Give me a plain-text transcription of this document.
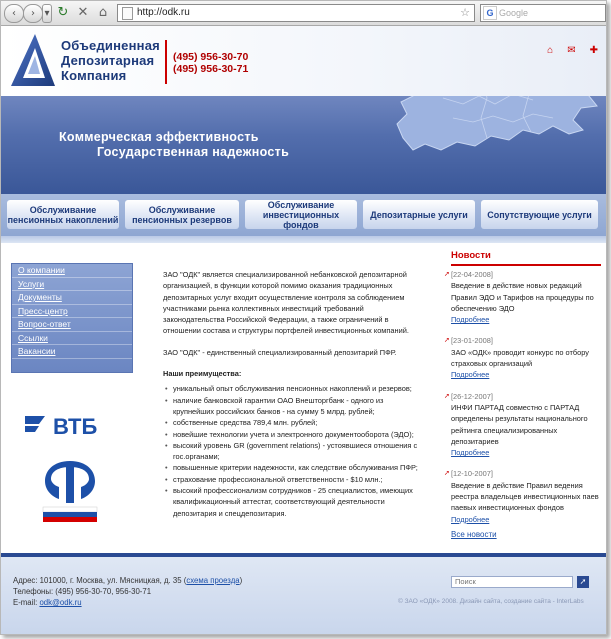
‹	› ▾ ↻ ✕ ⌂	http://odk.ru	☆	G Google
Объединенная
Депозитарная
Компания
(495) 956-30-70
(495) 956-30-71
⌂ ✉ ✚
Коммерческая эффективность
Государственная надежность
Обслуживание пенсионных накоплений
Обслуживание пенсионных резервов
Обслуживание инвестиционных фондов
Депозитарные услуги Сопутствующие услуги
О компании
Услуги
Документы
Пресс-центр
Вопрос-ответ
Ссылки
Вакансии
ВТБ

ЗАО "ОДК" является специализированной небанковской депозитарной организацией, в функции которой помимо оказания традиционных депозитарных услуг входит осуществление контроля за соблюдением участниками рынка коллективных инвестиций требований законодательства Российской Федерации, а также ограничений в отношении состава и структуры портфелей инвестиционных компаний.

ЗАО "ОДК" - единственный специализированный депозитарий ПФР.

Наши преимущества:
• уникальный опыт обслуживания пенсионных накоплений и резервов;
• наличие банковской гарантии ОАО Внешторгбанк - одного из крупнейших российских банков - на сумму 5 млрд. рублей;
• собственные средства 789,4 млн. рублей;
• новейшие технологии учета и электронного документооборота (ЭДО);
• высокий уровень GR (government relations) - устоявшиеся отношения с гос.органами;
• повышенные критерии надежности, как следствие обслуживания ПФР;
• страхование профессиональной ответственности - $10 млн.;
• высокий профессионализм сотрудников - 25 специалистов, имеющих квалификационный аттестат, соответствующий деятельности депозитария и спецдепозитария.
Новости
➚ [22-04-2008]
Введение в действие новых редакций Правил ЭДО и Тарифов на процедуры по обеспечению ЭДО
Подробнее
➚ [23-01-2008]
ЗАО «ОДК» проводит конкурс по отбору страховых организаций
Подробнее
➚ [26-12-2007]
ИНФИ ПАРТАД совместно с ПАРТАД определены результаты национального рейтинга специализированных депозитариев
Подробнее
➚ [12-10-2007]
Введение в действие Правил ведения реестра владельцев инвестиционных паев паевых инвестиционных фондов
Подробнее
Все новости
Адрес: 101000, г. Москва, ул. Мясницкая, д. 35 (схема проезда)
Телефоны: (495) 956-30-70, 956-30-71
E-mail: odk@odk.ru
Поиск
➚
© ЗАО «ОДК» 2008. Дизайн сайта, создание сайта - InterLabs
